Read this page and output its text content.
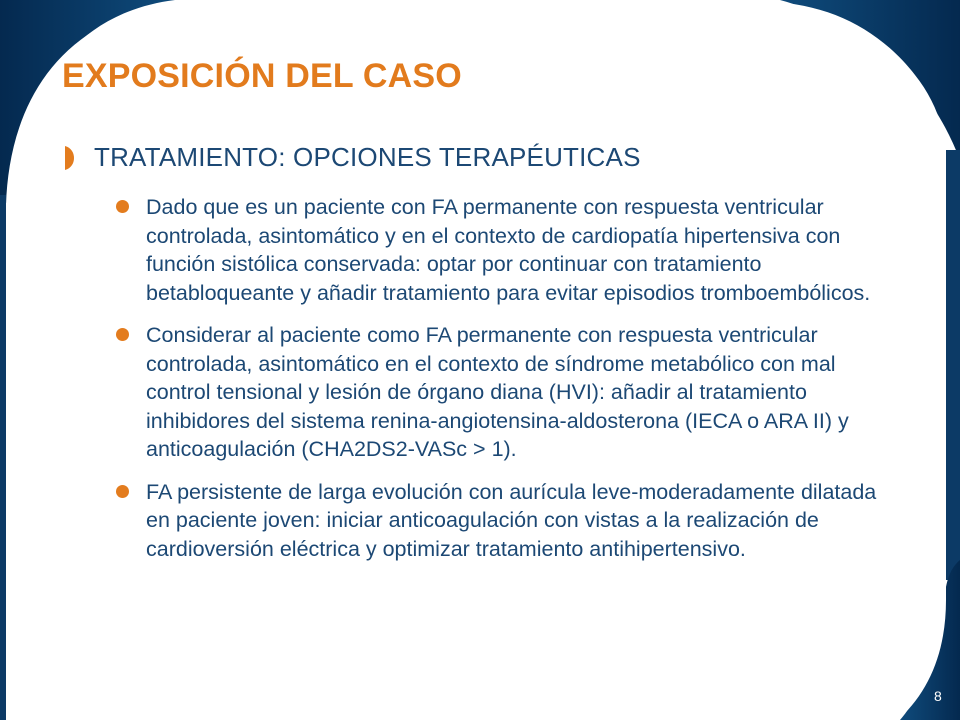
EXPOSICIÓN DEL CASO
TRATAMIENTO: OPCIONES TERAPÉUTICAS
Dado que es un paciente con FA permanente con respuesta ventricular controlada, asintomático y en el contexto de cardiopatía hipertensiva con función sistólica conservada: optar por continuar con tratamiento betabloqueante y añadir tratamiento para evitar episodios tromboembólicos.
Considerar al paciente como FA permanente con respuesta ventricular controlada, asintomático en el contexto de síndrome metabólico con mal control tensional y lesión de órgano diana (HVI): añadir al tratamiento inhibidores del sistema renina-angiotensina-aldosterona (IECA o ARA II) y anticoagulación (CHA2DS2-VASc > 1).
FA persistente de larga evolución con aurícula leve-moderadamente dilatada en paciente joven: iniciar anticoagulación con vistas a la realización de cardioversión eléctrica y optimizar tratamiento antihipertensivo.
8
